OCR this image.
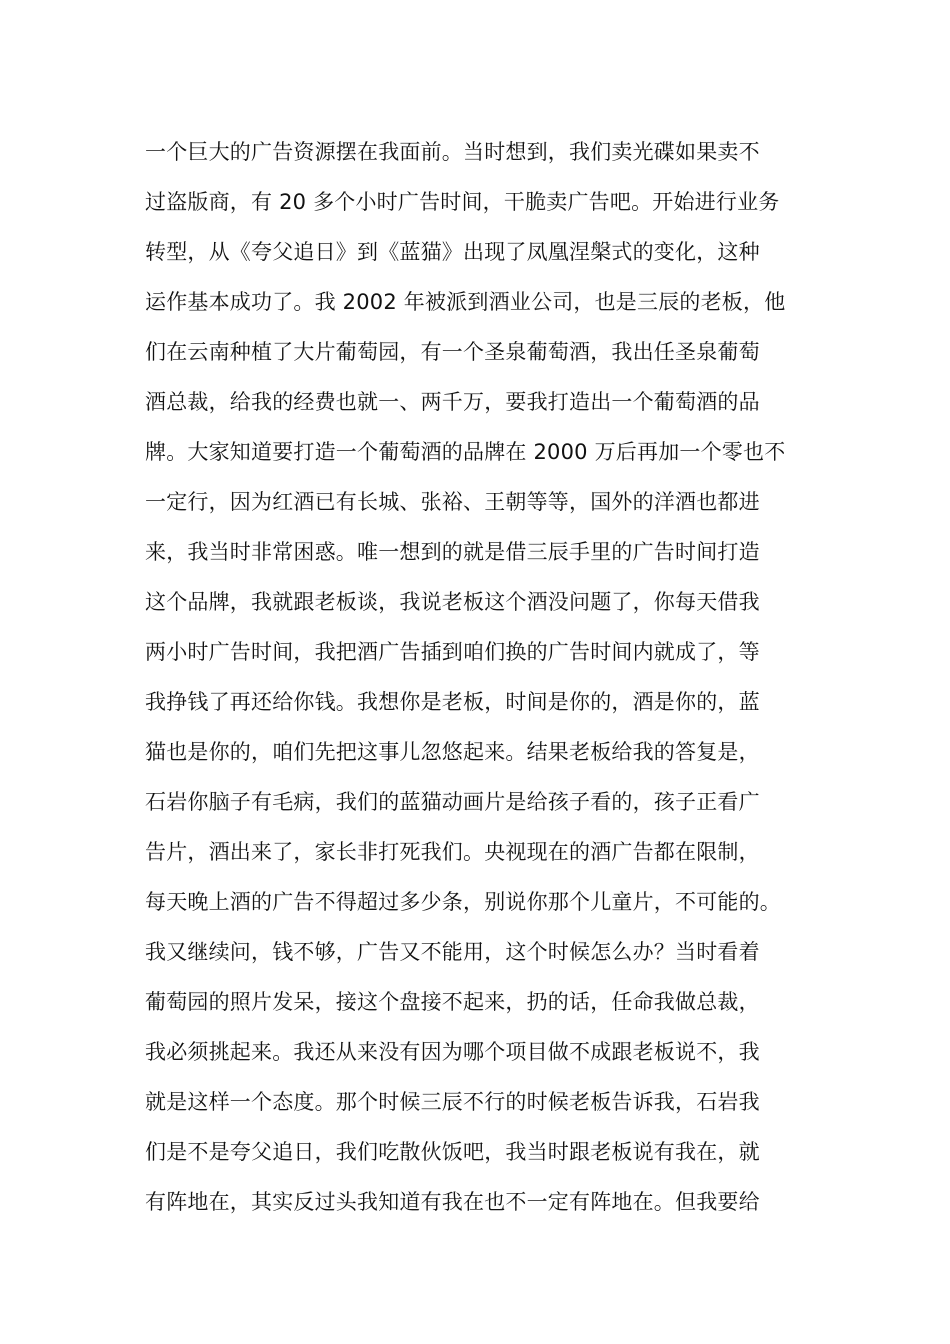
一个巨大的广告资源摆在我面前。当时想到，我们卖光碟如果卖不
过盗版商，有 20 多个小时广告时间，干脆卖广告吧。开始进行业务
转型，从《夸父追日》到《蓝猫》出现了凤凰涅槃式的变化，这种
运作基本成功了。我 2002 年被派到酒业公司，也是三辰的老板，他
们在云南种植了大片葡萄园，有一个圣泉葡萄酒，我出任圣泉葡萄
酒总裁，给我的经费也就一、两千万，要我打造出一个葡萄酒的品
牌。大家知道要打造一个葡萄酒的品牌在 2000 万后再加一个零也不
一定行，因为红酒已有长城、张裕、王朝等等，国外的洋酒也都进
来，我当时非常困惑。唯一想到的就是借三辰手里的广告时间打造
这个品牌，我就跟老板谈，我说老板这个酒没问题了，你每天借我
两小时广告时间，我把酒广告插到咱们换的广告时间内就成了，等
我挣钱了再还给你钱。我想你是老板，时间是你的，酒是你的，蓝
猫也是你的，咱们先把这事儿忽悠起来。结果老板给我的答复是，
石岩你脑子有毛病，我们的蓝猫动画片是给孩子看的，孩子正看广
告片，酒出来了，家长非打死我们。央视现在的酒广告都在限制，
每天晚上酒的广告不得超过多少条，别说你那个儿童片，不可能的。
我又继续问，钱不够，广告又不能用，这个时候怎么办？当时看着
葡萄园的照片发呆，接这个盘接不起来，扔的话，任命我做总裁，
我必须挑起来。我还从来没有因为哪个项目做不成跟老板说不，我
就是这样一个态度。那个时候三辰不行的时候老板告诉我，石岩我
们是不是夸父追日，我们吃散伙饭吧，我当时跟老板说有我在，就
有阵地在，其实反过头我知道有我在也不一定有阵地在。但我要给
